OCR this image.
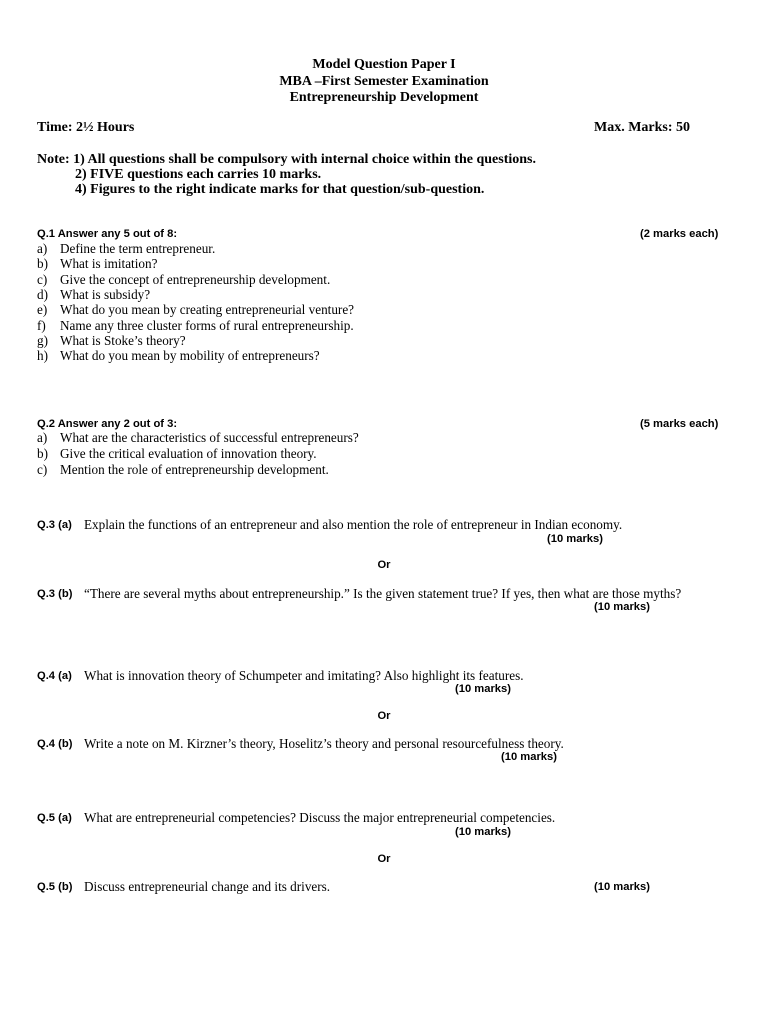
Model Question Paper I
MBA –First Semester Examination
Entrepreneurship Development
Time: 2½ Hours	Max. Marks: 50
Note: 1) All questions shall be compulsory with internal choice within the questions.
2) FIVE questions each carries 10 marks.
4) Figures to the right indicate marks for that question/sub-question.
Q.1 Answer any 5 out of 8:	(2 marks each)
a) Define the term entrepreneur.
b) What is imitation?
c) Give the concept of entrepreneurship development.
d) What is subsidy?
e) What do you mean by creating entrepreneurial venture?
f)	Name any three cluster forms of rural entrepreneurship.
g) What is Stoke’s theory?
h) What do you mean by mobility of entrepreneurs?
Q.2 Answer any 2 out of 3:	(5 marks each)
a) What are the characteristics of successful entrepreneurs?
b) Give the critical evaluation of innovation theory.
c) Mention the role of entrepreneurship development.
Q.3 (a) Explain the functions of an entrepreneur and also mention the role of entrepreneur in Indian economy.
(10 marks)
Or
Q.3 (b) “There are several myths about entrepreneurship.” Is the given statement true? If yes, then what are those myths?
(10 marks)
Q.4 (a) What is innovation theory of Schumpeter and imitating? Also highlight its features.
(10 marks)
Or
Q.4 (b) Write a note on M. Kirzner’s theory, Hoselitz’s theory and personal resourcefulness theory.
(10 marks)
Q.5 (a) What are entrepreneurial competencies? Discuss the major entrepreneurial competencies.
(10 marks)
Or
Q.5 (b) Discuss entrepreneurial change and its drivers.	(10 marks)
